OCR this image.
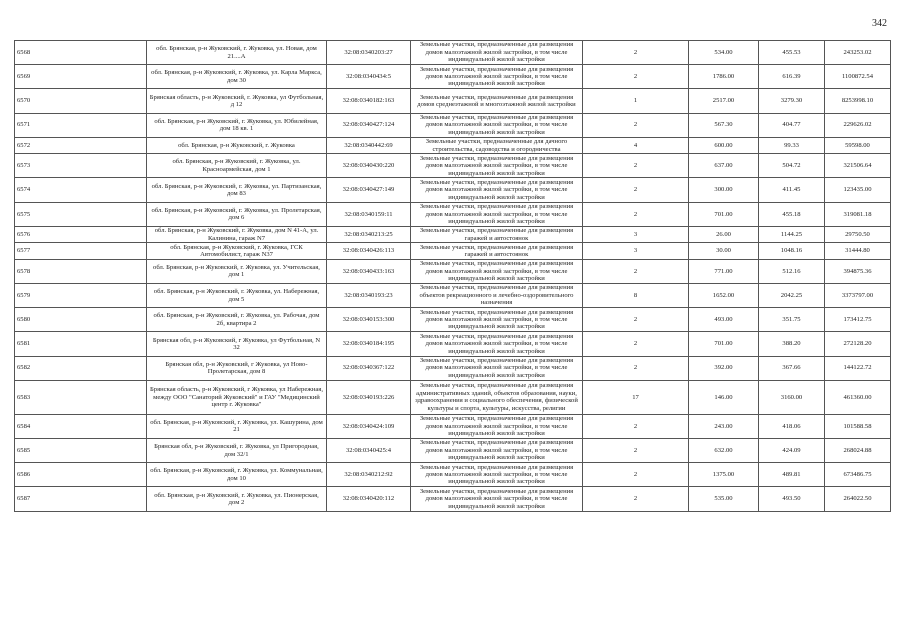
342
6568	обл. Брянская, р-н Жуковский, г. Жуковка, ул. Новая, дом 21....А	32:08:0340203:27	Земельные участки, предназначенные для размещения домов малоэтажной жилой застройки, в том числе индивидуальной жилой застройки	2	534.00	455.53	243253.02
6569	обл. Брянская, р-н Жуковский, г. Жуковка, ул. Карла Маркса, дом 30	32:08:0340434:5	Земельные участки, предназначенные для размещения домов малоэтажной жилой застройки, в том числе индивидуальной жилой застройки	2	1786.00	616.39	1100872.54
6570	Брянская область, р-н Жуковский, г. Жуковка, ул Футбольная, д 12	32:08:0340182:163	Земельные участки, предназначенные для размещения домов среднеэтажной и многоэтажной жилой застройки	1	2517.00	3279.30	8253998.10
6571	обл. Брянская, р-н Жуковский, г. Жуковка, ул. Юбилейная, дом 18 кв. 1	32:08:0340427:124	Земельные участки, предназначенные для размещения домов малоэтажной жилой застройки, в том числе индивидуальной жилой застройки	2	567.30	404.77	229626.02
6572	обл. Брянская, р-н Жуковский, г. Жуковка	32:08:0340442:69	Земельные участки, предназначенные для дачного строительства, садоводства и огородничества	4	600.00	99.33	59598.00
6573	обл. Брянская, р-н Жуковский, г. Жуковка, ул. Красноармейская, дом 1	32:08:0340430:220	Земельные участки, предназначенные для размещения домов малоэтажной жилой застройки, в том числе индивидуальной жилой застройки	2	637.00	504.72	321506.64
6574	обл. Брянская, р-н Жуковский, г. Жуковка, ул. Партизанская, дом 83	32:08:0340427:149	Земельные участки, предназначенные для размещения домов малоэтажной жилой застройки, в том числе индивидуальной жилой застройки	2	300.00	411.45	123435.00
6575	обл. Брянская, р-н Жуковский, г. Жуковка, ул. Пролетарская, дом 6	32:08:0340159:11	Земельные участки, предназначенные для размещения домов малоэтажной жилой застройки, в том числе индивидуальной жилой застройки	2	701.00	455.18	319081.18
6576	обл. Брянская, р-н Жуковский, г. Жуковка, дом N 41-А, ул. Калинина, гараж N7	32:08:0340213:25	Земельные участки, предназначенные для размещения гаражей и автостоянок	3	26.00	1144.25	29750.50
6577	обл. Брянская, р-н Жуковский, г. Жуковка, ГСК Автомобилист, гараж N37	32:08:0340426:113	Земельные участки, предназначенные для размещения гаражей и автостоянок	3	30.00	1048.16	31444.80
6578	обл. Брянская, р-н Жуковский, г. Жуковка, ул. Учительская, дом 1	32:08:0340433:163	Земельные участки, предназначенные для размещения домов малоэтажной жилой застройки, в том числе индивидуальной жилой застройки	2	771.00	512.16	394875.36
6579	обл. Брянская, р-н Жуковский, г. Жуковка, ул. Набережная, дом 5	32:08:0340193:23	Земельные участки, предназначенные для размещения объектов рекреационного и лечебно-оздоровительного назначения	8	1652.00	2042.25	3373797.00
6580	обл. Брянская, р-н Жуковский, г. Жуковка, ул. Рабочая, дом 2б, квартира 2	32:08:0340153:300	Земельные участки, предназначенные для размещения домов малоэтажной жилой застройки, в том числе индивидуальной жилой застройки	2	493.00	351.75	173412.75
6581	Брянская обл, р-н Жуковский, г Жуковка, ул Футбольная, N 32	32:08:0340184:195	Земельные участки, предназначенные для размещения домов малоэтажной жилой застройки, в том числе индивидуальной жилой застройки	2	701.00	388.20	272128.20
6582	Брянская обл, р-н Жуковский, г Жуковка, ул Ново-Пролетарская, дом 8	32:08:0340367:122	Земельные участки, предназначенные для размещения домов малоэтажной жилой застройки, в том числе индивидуальной жилой застройки	2	392.00	367.66	144122.72
6583	Брянская область, р-н Жуковский, г Жуковка, ул Набережная, между ООО "Санаторий Жуковский" и ГАУ "Медицинский центр г. Жуковка"	32:08:0340193:226	Земельные участки, предназначенные для размещения административных зданий, объектов образования, науки, здравоохранения и социального обеспечения, физической культуры и спорта, культуры, искусства, религии	17	146.00	3160.00	461360.00
6584	обл. Брянская, р-н Жуковский, г. Жуковка, ул. Кашурина, дом 21	32:08:0340424:109	Земельные участки, предназначенные для размещения домов малоэтажной жилой застройки, в том числе индивидуальной жилой застройки	2	243.00	418.06	101588.58
6585	Брянская обл, р-н Жуковский, г. Жуковка, ул Пригородная, дом 32/1	32:08:0340425:4	Земельные участки, предназначенные для размещения домов малоэтажной жилой застройки, в том числе индивидуальной жилой застройки	2	632.00	424.09	268024.88
6586	обл. Брянская, р-н Жуковский, г. Жуковка, ул. Коммунальная, дом 10	32:08:0340212:92	Земельные участки, предназначенные для размещения домов малоэтажной жилой застройки, в том числе индивидуальной жилой застройки	2	1375.00	489.81	673486.75
6587	обл. Брянская, р-н Жуковский, г. Жуковка, ул. Пионерская, дом 2	32:08:0340420:112	Земельные участки, предназначенные для размещения домов малоэтажной жилой застройки, в том числе индивидуальной жилой застройки	2	535.00	493.50	264022.50
